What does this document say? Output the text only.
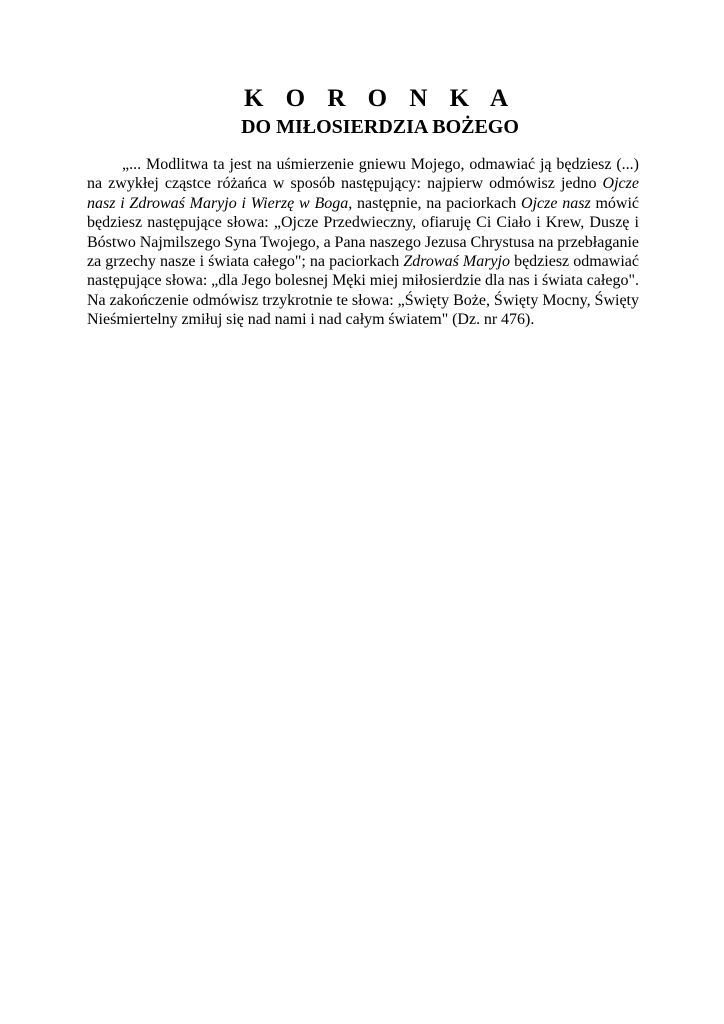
K O R O N K A
DO MIŁOSIERDZIA BOŻEGO
„... Modlitwa ta jest na uśmierzenie gniewu Mojego, odmawiać ją będziesz (...)
na zwykłej cząstce różańca w sposób następujący: najpierw odmówisz jedno Ojcze
nasz i Zdrowaś Maryjo i Wierzę w Boga, następnie, na paciorkach Ojcze nasz mówić
będziesz następujące słowa: „Ojcze Przedwieczny, ofiaruję Ci Ciało i Krew, Duszę i
Bóstwo Najmilszego Syna Twojego, a Pana naszego Jezusa Chrystusa na przebłaganie
za grzechy nasze i świata całego"; na paciorkach Zdrowaś Maryjo będziesz odmawiać
następujące słowa: „dla Jego bolesnej Męki miej miłosierdzie dla nas i świata całego".
Na zakończenie odmówisz trzykrotnie te słowa: „Święty Boże, Święty Mocny, Święty
Nieśmiertelny zmiłuj się nad nami i nad całym światem" (Dz. nr 476).
